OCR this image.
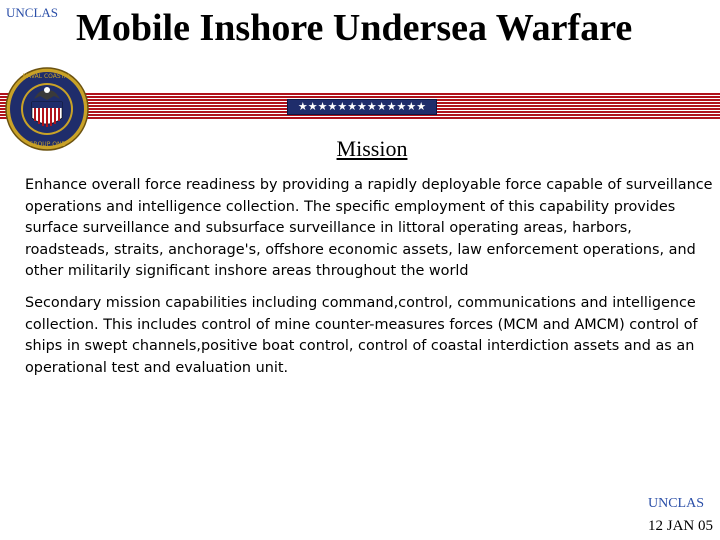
UNCLAS Mobile Inshore Undersea Warfare
★★★★★★★★★★★★★
NAVAL COASTAL
GROUP ONE	Mission
Enhance overall force readiness by providing a rapidly deployable force capable of surveillance operations and intelligence collection. The specific employment of this capability provides surface surveillance and subsurface surveillance in littoral operating areas, harbors, roadsteads, straits, anchorage's, offshore economic assets, law enforcement operations, and other militarily significant inshore areas throughout the world
Secondary mission capabilities including command,control, communications and intelligence collection. This includes control of mine counter-measures forces (MCM and AMCM) control of ships in swept channels,positive boat control, control of coastal interdiction assets and as an operational test and evaluation unit.
UNCLAS
12 JAN 05
